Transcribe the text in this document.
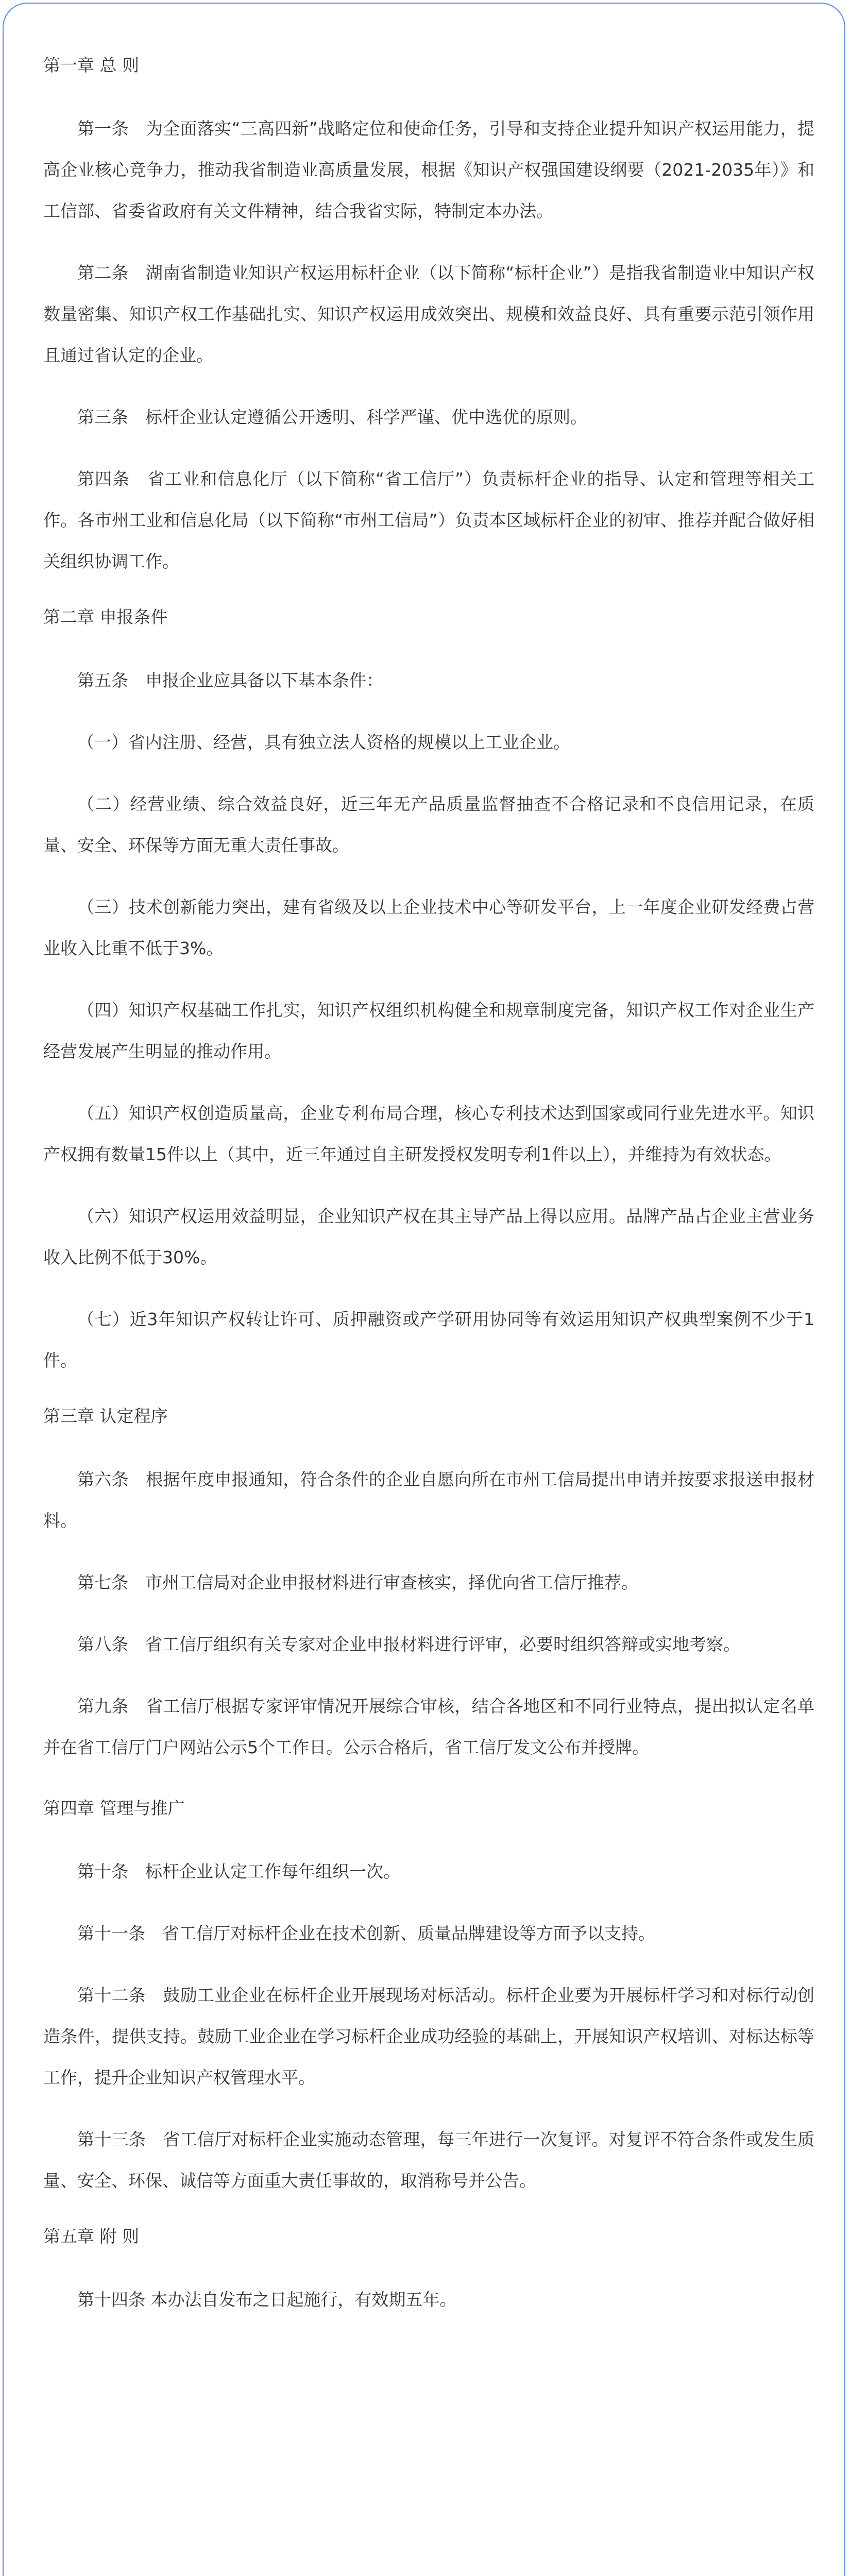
第一章 总 则

第一条　为全面落实“三高四新”战略定位和使命任务，引导和支持企业提升知识产权运用能力，提高企业核心竞争力，推动我省制造业高质量发展，根据《知识产权强国建设纲要（2021-2035年）》和工信部、省委省政府有关文件精神，结合我省实际，特制定本办法。

第二条　湖南省制造业知识产权运用标杆企业（以下简称“标杆企业”）是指我省制造业中知识产权数量密集、知识产权工作基础扎实、知识产权运用成效突出、规模和效益良好、具有重要示范引领作用且通过省认定的企业。

第三条　标杆企业认定遵循公开透明、科学严谨、优中选优的原则。

第四条　省工业和信息化厅（以下简称“省工信厅”）负责标杆企业的指导、认定和管理等相关工作。各市州工业和信息化局（以下简称“市州工信局”）负责本区域标杆企业的初审、推荐并配合做好相关组织协调工作。

第二章 申报条件

第五条　申报企业应具备以下基本条件：

（一）省内注册、经营，具有独立法人资格的规模以上工业企业。

（二）经营业绩、综合效益良好，近三年无产品质量监督抽查不合格记录和不良信用记录，在质量、安全、环保等方面无重大责任事故。

（三）技术创新能力突出，建有省级及以上企业技术中心等研发平台，上一年度企业研发经费占营业收入比重不低于3%。

（四）知识产权基础工作扎实，知识产权组织机构健全和规章制度完备，知识产权工作对企业生产经营发展产生明显的推动作用。

（五）知识产权创造质量高，企业专利布局合理，核心专利技术达到国家或同行业先进水平。知识产权拥有数量15件以上（其中，近三年通过自主研发授权发明专利1件以上），并维持为有效状态。

（六）知识产权运用效益明显，企业知识产权在其主导产品上得以应用。品牌产品占企业主营业务收入比例不低于30%。

（七）近3年知识产权转让许可、质押融资或产学研用协同等有效运用知识产权典型案例不少于1件。

第三章 认定程序

第六条　根据年度申报通知，符合条件的企业自愿向所在市州工信局提出申请并按要求报送申报材料。

第七条　市州工信局对企业申报材料进行审查核实，择优向省工信厅推荐。

第八条　省工信厅组织有关专家对企业申报材料进行评审，必要时组织答辩或实地考察。

第九条　省工信厅根据专家评审情况开展综合审核，结合各地区和不同行业特点，提出拟认定名单并在省工信厅门户网站公示5个工作日。公示合格后，省工信厅发文公布并授牌。

第四章 管理与推广

第十条　标杆企业认定工作每年组织一次。

第十一条　省工信厅对标杆企业在技术创新、质量品牌建设等方面予以支持。

第十二条　鼓励工业企业在标杆企业开展现场对标活动。标杆企业要为开展标杆学习和对标行动创造条件，提供支持。鼓励工业企业在学习标杆企业成功经验的基础上，开展知识产权培训、对标达标等工作，提升企业知识产权管理水平。

第十三条　省工信厅对标杆企业实施动态管理，每三年进行一次复评。对复评不符合条件或发生质量、安全、环保、诚信等方面重大责任事故的，取消称号并公告。

第五章 附 则

第十四条 本办法自发布之日起施行，有效期五年。
